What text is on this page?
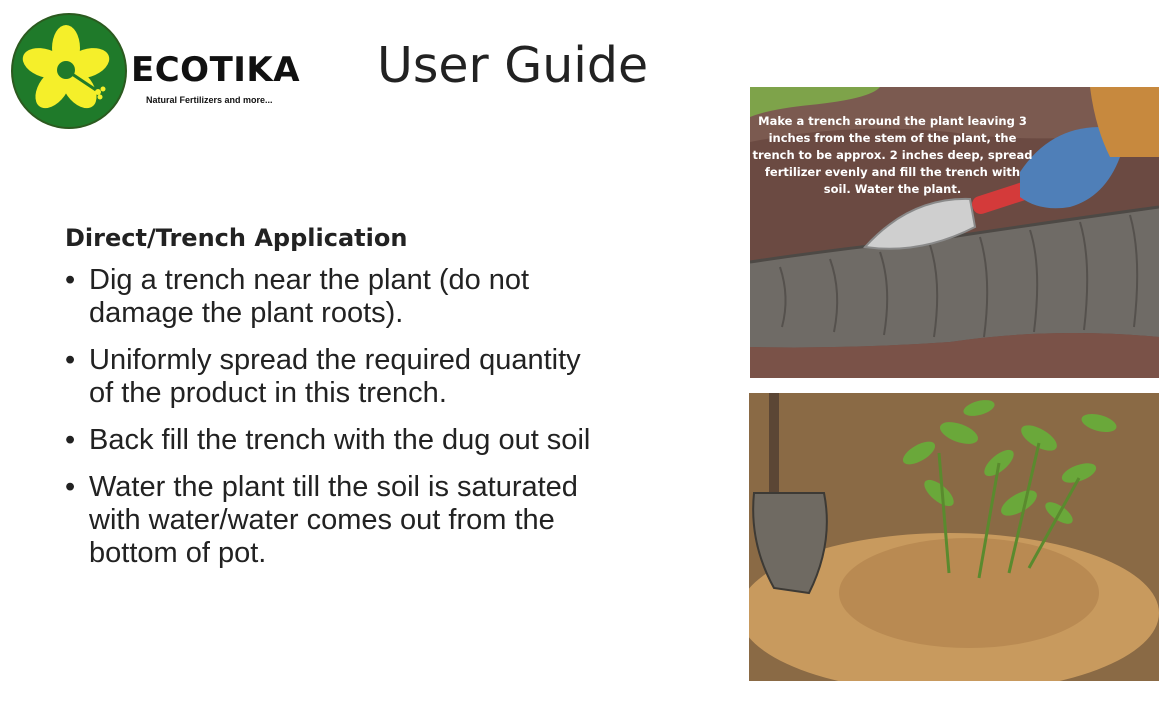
ECOTIKA
Natural Fertilizers and more...
User Guide
Direct/Trench Application
• Dig a trench near the plant (do not damage the plant roots).
• Uniformly spread the required quantity of the product in this trench.
• Back fill the trench with the dug out soil
• Water the plant till the soil is saturated with water/water comes out from the bottom of pot.
Make a trench around the plant leaving 3 inches from the stem of the plant, the trench to be approx. 2 inches deep, spread fertilizer evenly and fill the trench with soil. Water the plant.
